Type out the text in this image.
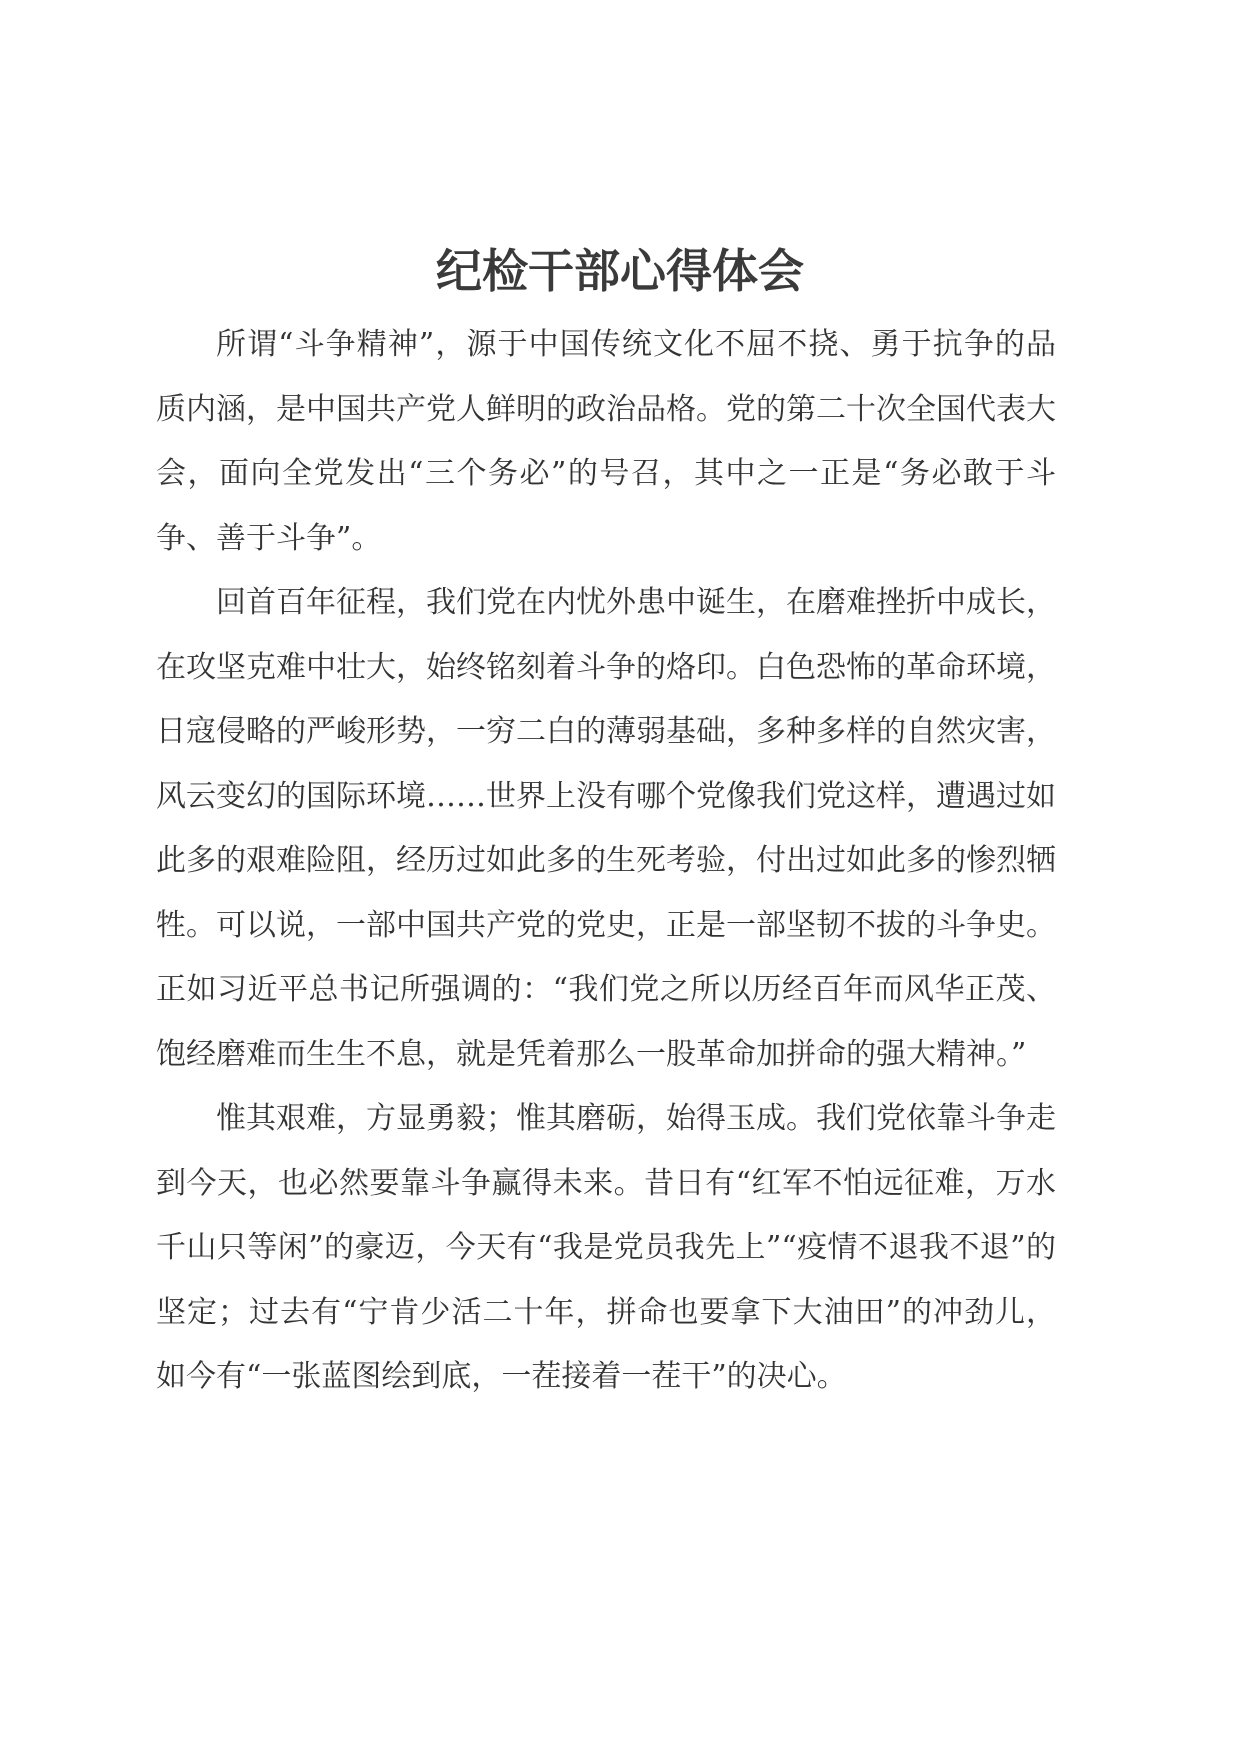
纪检干部心得体会

所谓“斗争精神”，源于中国传统文化不屈不挠、勇于抗争的品质内涵，是中国共产党人鲜明的政治品格。党的第二十次全国代表大会，面向全党发出“三个务必”的号召，其中之一正是“务必敢于斗争、善于斗争”。

回首百年征程，我们党在内忧外患中诞生，在磨难挫折中成长，在攻坚克难中壮大，始终铭刻着斗争的烙印。白色恐怖的革命环境，日寇侵略的严峻形势，一穷二白的薄弱基础，多种多样的自然灾害，风云变幻的国际环境……世界上没有哪个党像我们党这样，遭遇过如此多的艰难险阻，经历过如此多的生死考验，付出过如此多的惨烈牺牲。可以说，一部中国共产党的党史，正是一部坚韧不拔的斗争史。正如习近平总书记所强调的：“我们党之所以历经百年而风华正茂、饱经磨难而生生不息，就是凭着那么一股革命加拼命的强大精神。”

惟其艰难，方显勇毅；惟其磨砺，始得玉成。我们党依靠斗争走到今天，也必然要靠斗争赢得未来。昔日有“红军不怕远征难，万水千山只等闲”的豪迈，今天有“我是党员我先上”“疫情不退我不退”的坚定；过去有“宁肯少活二十年，拼命也要拿下大油田”的冲劲儿，如今有“一张蓝图绘到底，一茬接着一茬干”的决心。
